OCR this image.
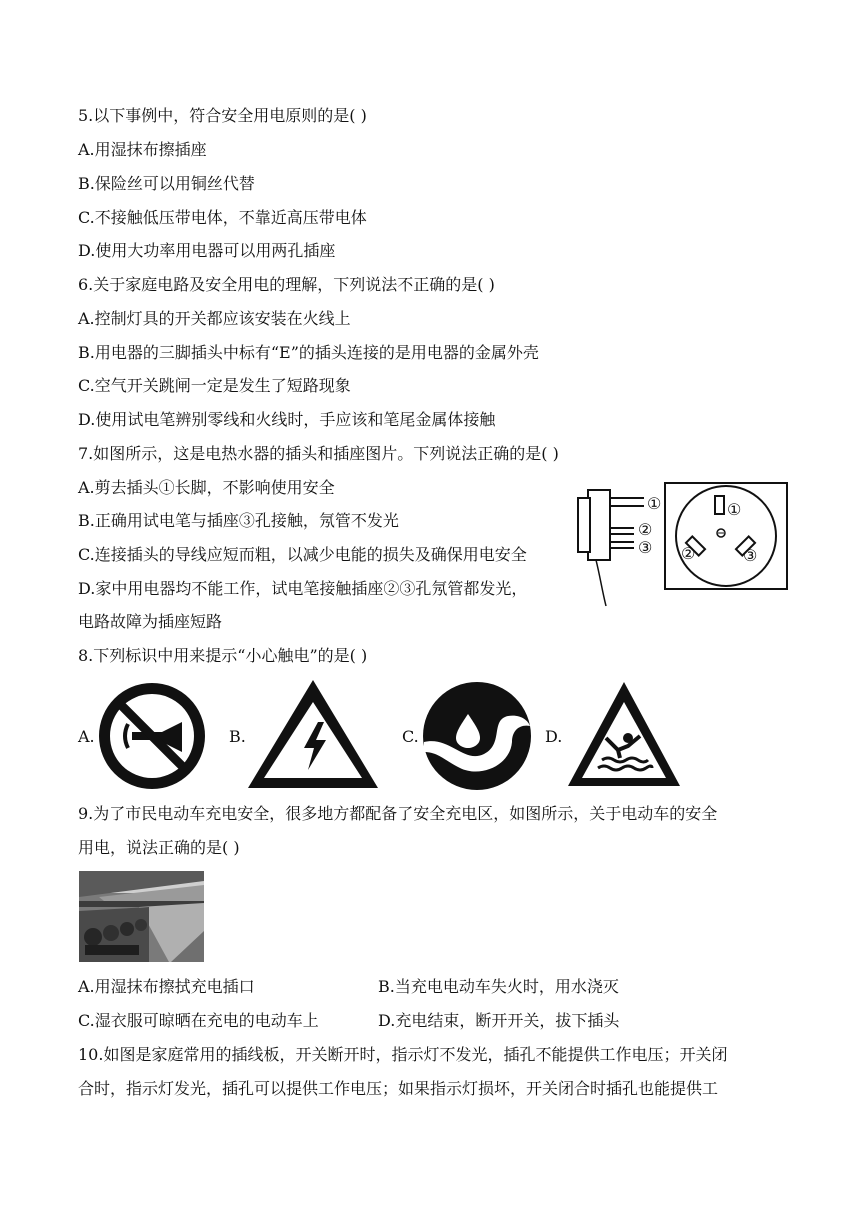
5.以下事例中，符合安全用电原则的是( )
A.用湿抹布擦插座
B.保险丝可以用铜丝代替
C.不接触低压带电体，不靠近高压带电体
D.使用大功率用电器可以用两孔插座
6.关于家庭电路及安全用电的理解，下列说法不正确的是( )
A.控制灯具的开关都应该安装在火线上
B.用电器的三脚插头中标有“E”的插头连接的是用电器的金属外壳
C.空气开关跳闸一定是发生了短路现象
D.使用试电笔辨别零线和火线时，手应该和笔尾金属体接触
7.如图所示，这是电热水器的插头和插座图片。下列说法正确的是( )
A.剪去插头①长脚，不影响使用安全
B.正确用试电笔与插座③孔接触，氖管不发光
C.连接插头的导线应短而粗，以减少电能的损失及确保用电安全
D.家中用电器均不能工作，试电笔接触插座②③孔氖管都发光，
电路故障为插座短路
①
②
③
①
②	③
8.下列标识中用来提示“小心触电”的是( )
A.	B.	C.	D.
9.为了市民电动车充电安全，很多地方都配备了安全充电区，如图所示，关于电动车的安全
用电，说法正确的是( )
A.用湿抹布擦拭充电插口	B.当充电电动车失火时，用水浇灭
C.湿衣服可晾晒在充电的电动车上	D.充电结束，断开开关，拔下插头
10.如图是家庭常用的插线板，开关断开时，指示灯不发光，插孔不能提供工作电压；开关闭
合时，指示灯发光，插孔可以提供工作电压；如果指示灯损坏，开关闭合时插孔也能提供工
